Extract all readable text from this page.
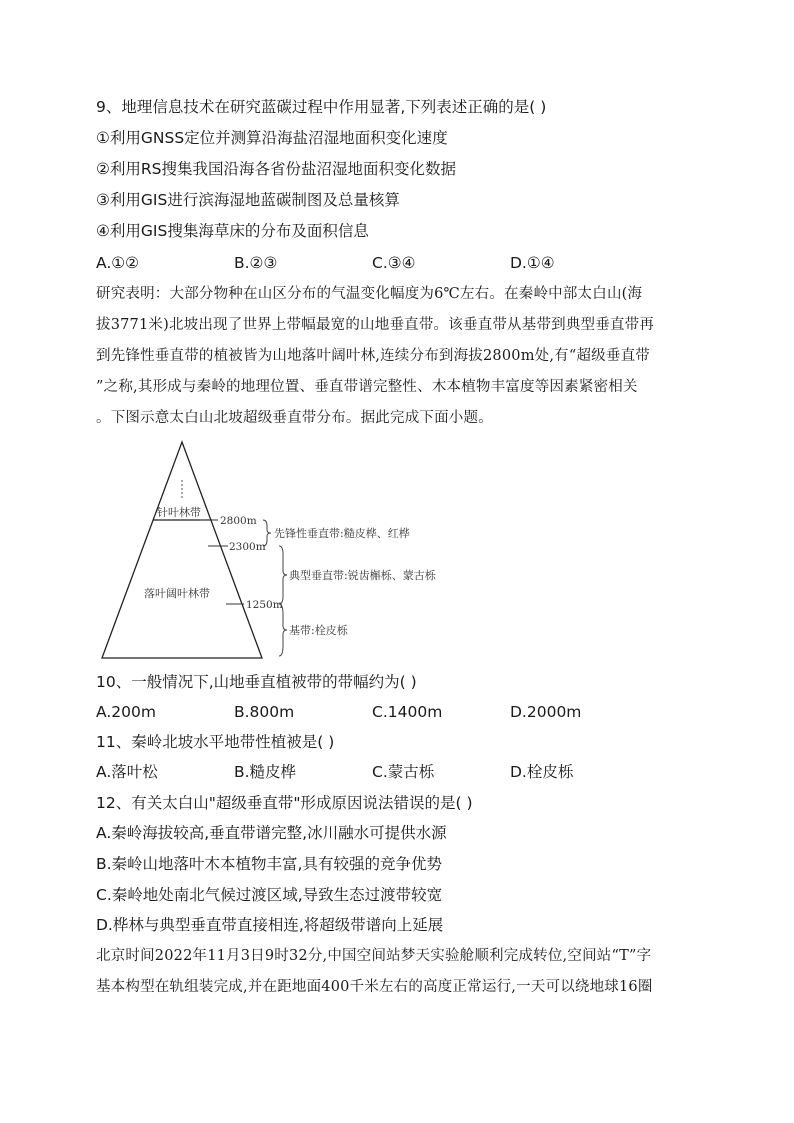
9、地理信息技术在研究蓝碳过程中作用显著,下列表述正确的是( )
①利用GNSS定位并测算沿海盐沼湿地面积变化速度
②利用RS搜集我国沿海各省份盐沼湿地面积变化数据
③利用GIS进行滨海湿地蓝碳制图及总量核算
④利用GIS搜集海草床的分布及面积信息
A.①②	B.②③	C.③④	D.①④
研究表明：大部分物种在山区分布的气温变化幅度为6℃左右。在秦岭中部太白山(海
拔3771米)北坡出现了世界上带幅最宽的山地垂直带。该垂直带从基带到典型垂直带再
到先锋性垂直带的植被皆为山地落叶阔叶林,连续分布到海拔2800m处,有“超级垂直带
”之称,其形成与秦岭的地理位置、垂直带谱完整性、木本植物丰富度等因素紧密相关
。下图示意太白山北坡超级垂直带分布。据此完成下面小题。
针叶林带
落叶阔叶林带
2800m
2300m
1250m
先锋性垂直带:糙皮桦、红桦
典型垂直带:锐齿槲栎、蒙古栎
基带:栓皮栎
10、一般情况下,山地垂直植被带的带幅约为( )
A.200m	B.800m	C.1400m	D.2000m
11、秦岭北坡水平地带性植被是( )
A.落叶松	B.糙皮桦	C.蒙古栎	D.栓皮栎
12、有关太白山"超级垂直带"形成原因说法错误的是( )
A.秦岭海拔较高,垂直带谱完整,冰川融水可提供水源
B.秦岭山地落叶木本植物丰富,具有较强的竞争优势
C.秦岭地处南北气候过渡区域,导致生态过渡带较宽
D.桦林与典型垂直带直接相连,将超级带谱向上延展
北京时间2022年11月3日9时32分,中国空间站梦天实验舱顺利完成转位,空间站“T”字
基本构型在轨组装完成,并在距地面400千米左右的高度正常运行,一天可以绕地球16圈
